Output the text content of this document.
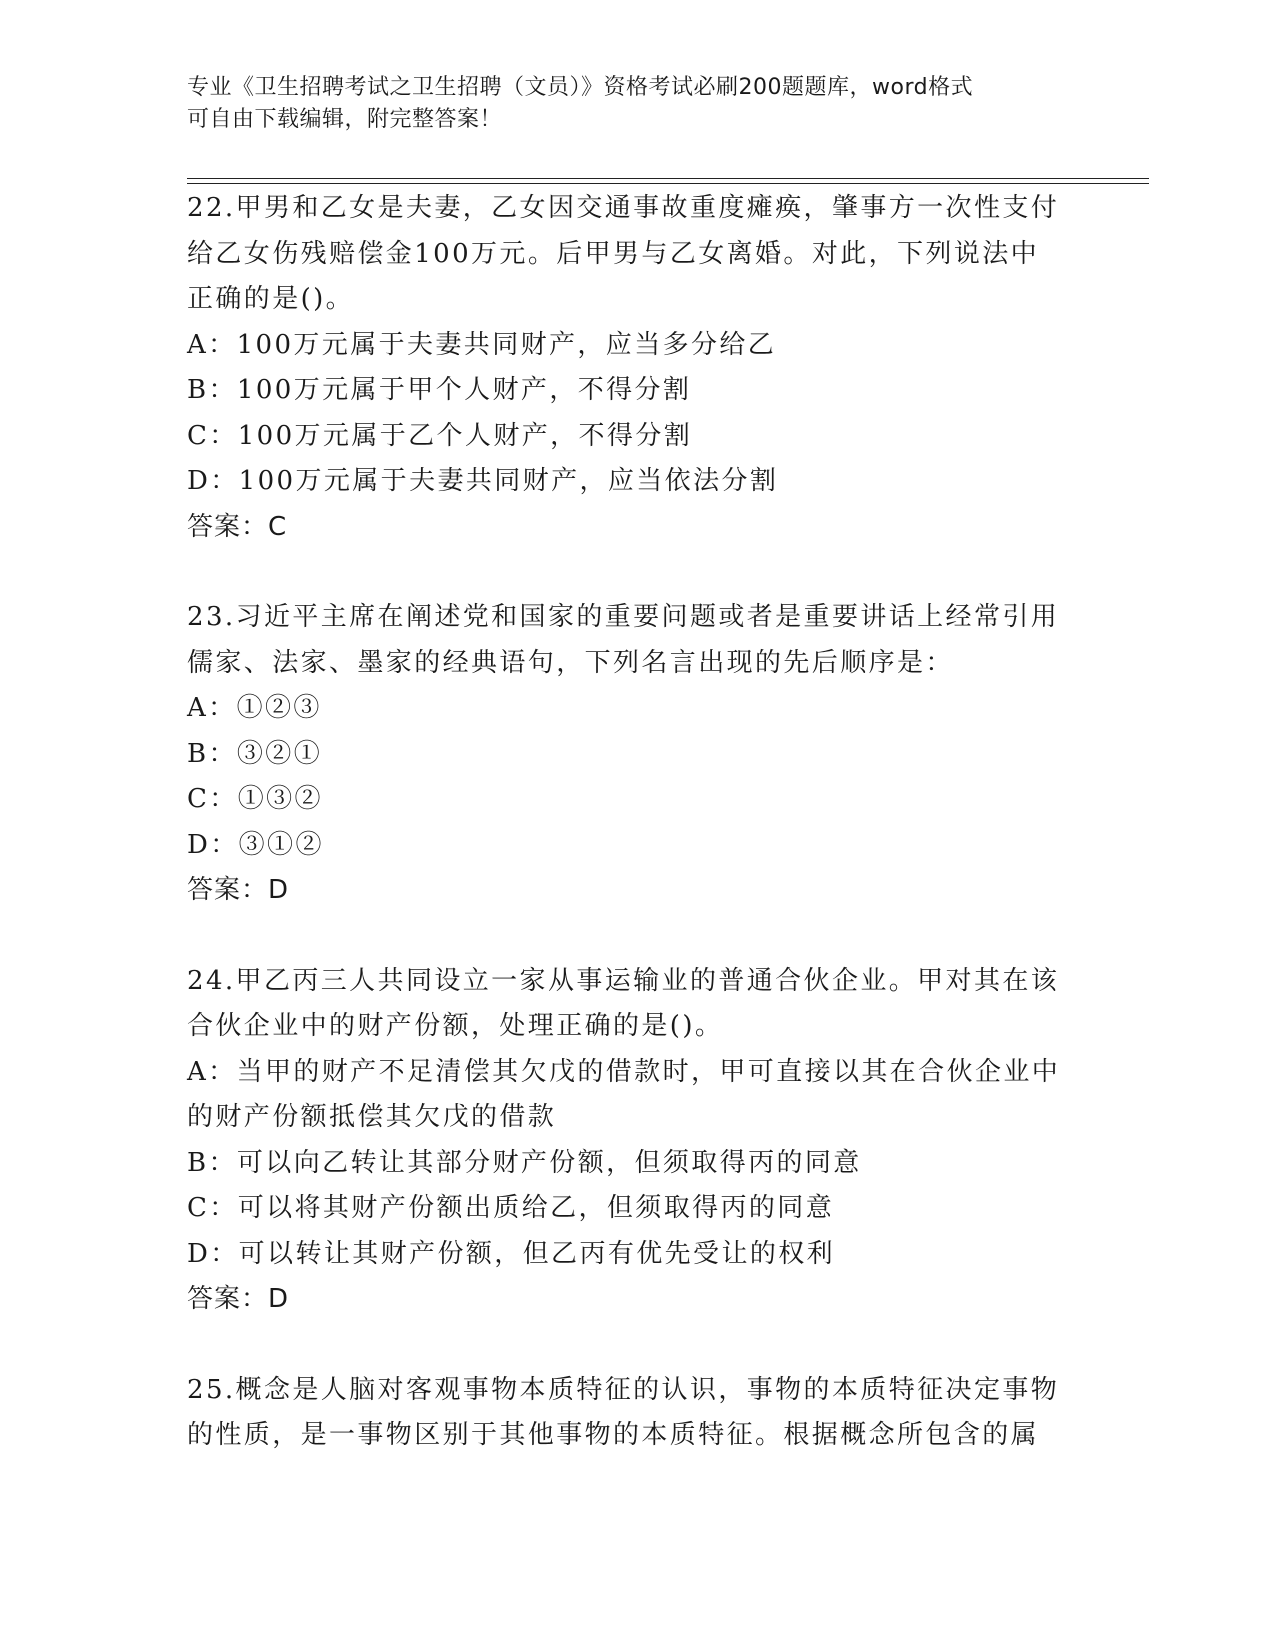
专业《卫生招聘考试之卫生招聘（文员）》资格考试必刷200题题库，word格式
可自由下载编辑，附完整答案！
22.甲男和乙女是夫妻，乙女因交通事故重度瘫痪，肇事方一次性支付
给乙女伤残赔偿金100万元。后甲男与乙女离婚。对此，下列说法中
正确的是()。
A：100万元属于夫妻共同财产，应当多分给乙
B：100万元属于甲个人财产，不得分割
C：100万元属于乙个人财产，不得分割
D：100万元属于夫妻共同财产，应当依法分割
答案：C
23.习近平主席在阐述党和国家的重要问题或者是重要讲话上经常引用
儒家、法家、墨家的经典语句，下列名言出现的先后顺序是：
A：①②③
B：③②①
C：①③②
D：③①②
答案：D
24.甲乙丙三人共同设立一家从事运输业的普通合伙企业。甲对其在该
合伙企业中的财产份额，处理正确的是()。
A：当甲的财产不足清偿其欠戊的借款时，甲可直接以其在合伙企业中
的财产份额抵偿其欠戊的借款
B：可以向乙转让其部分财产份额，但须取得丙的同意
C：可以将其财产份额出质给乙，但须取得丙的同意
D：可以转让其财产份额，但乙丙有优先受让的权利
答案：D
25.概念是人脑对客观事物本质特征的认识，事物的本质特征决定事物
的性质，是一事物区别于其他事物的本质特征。根据概念所包含的属
